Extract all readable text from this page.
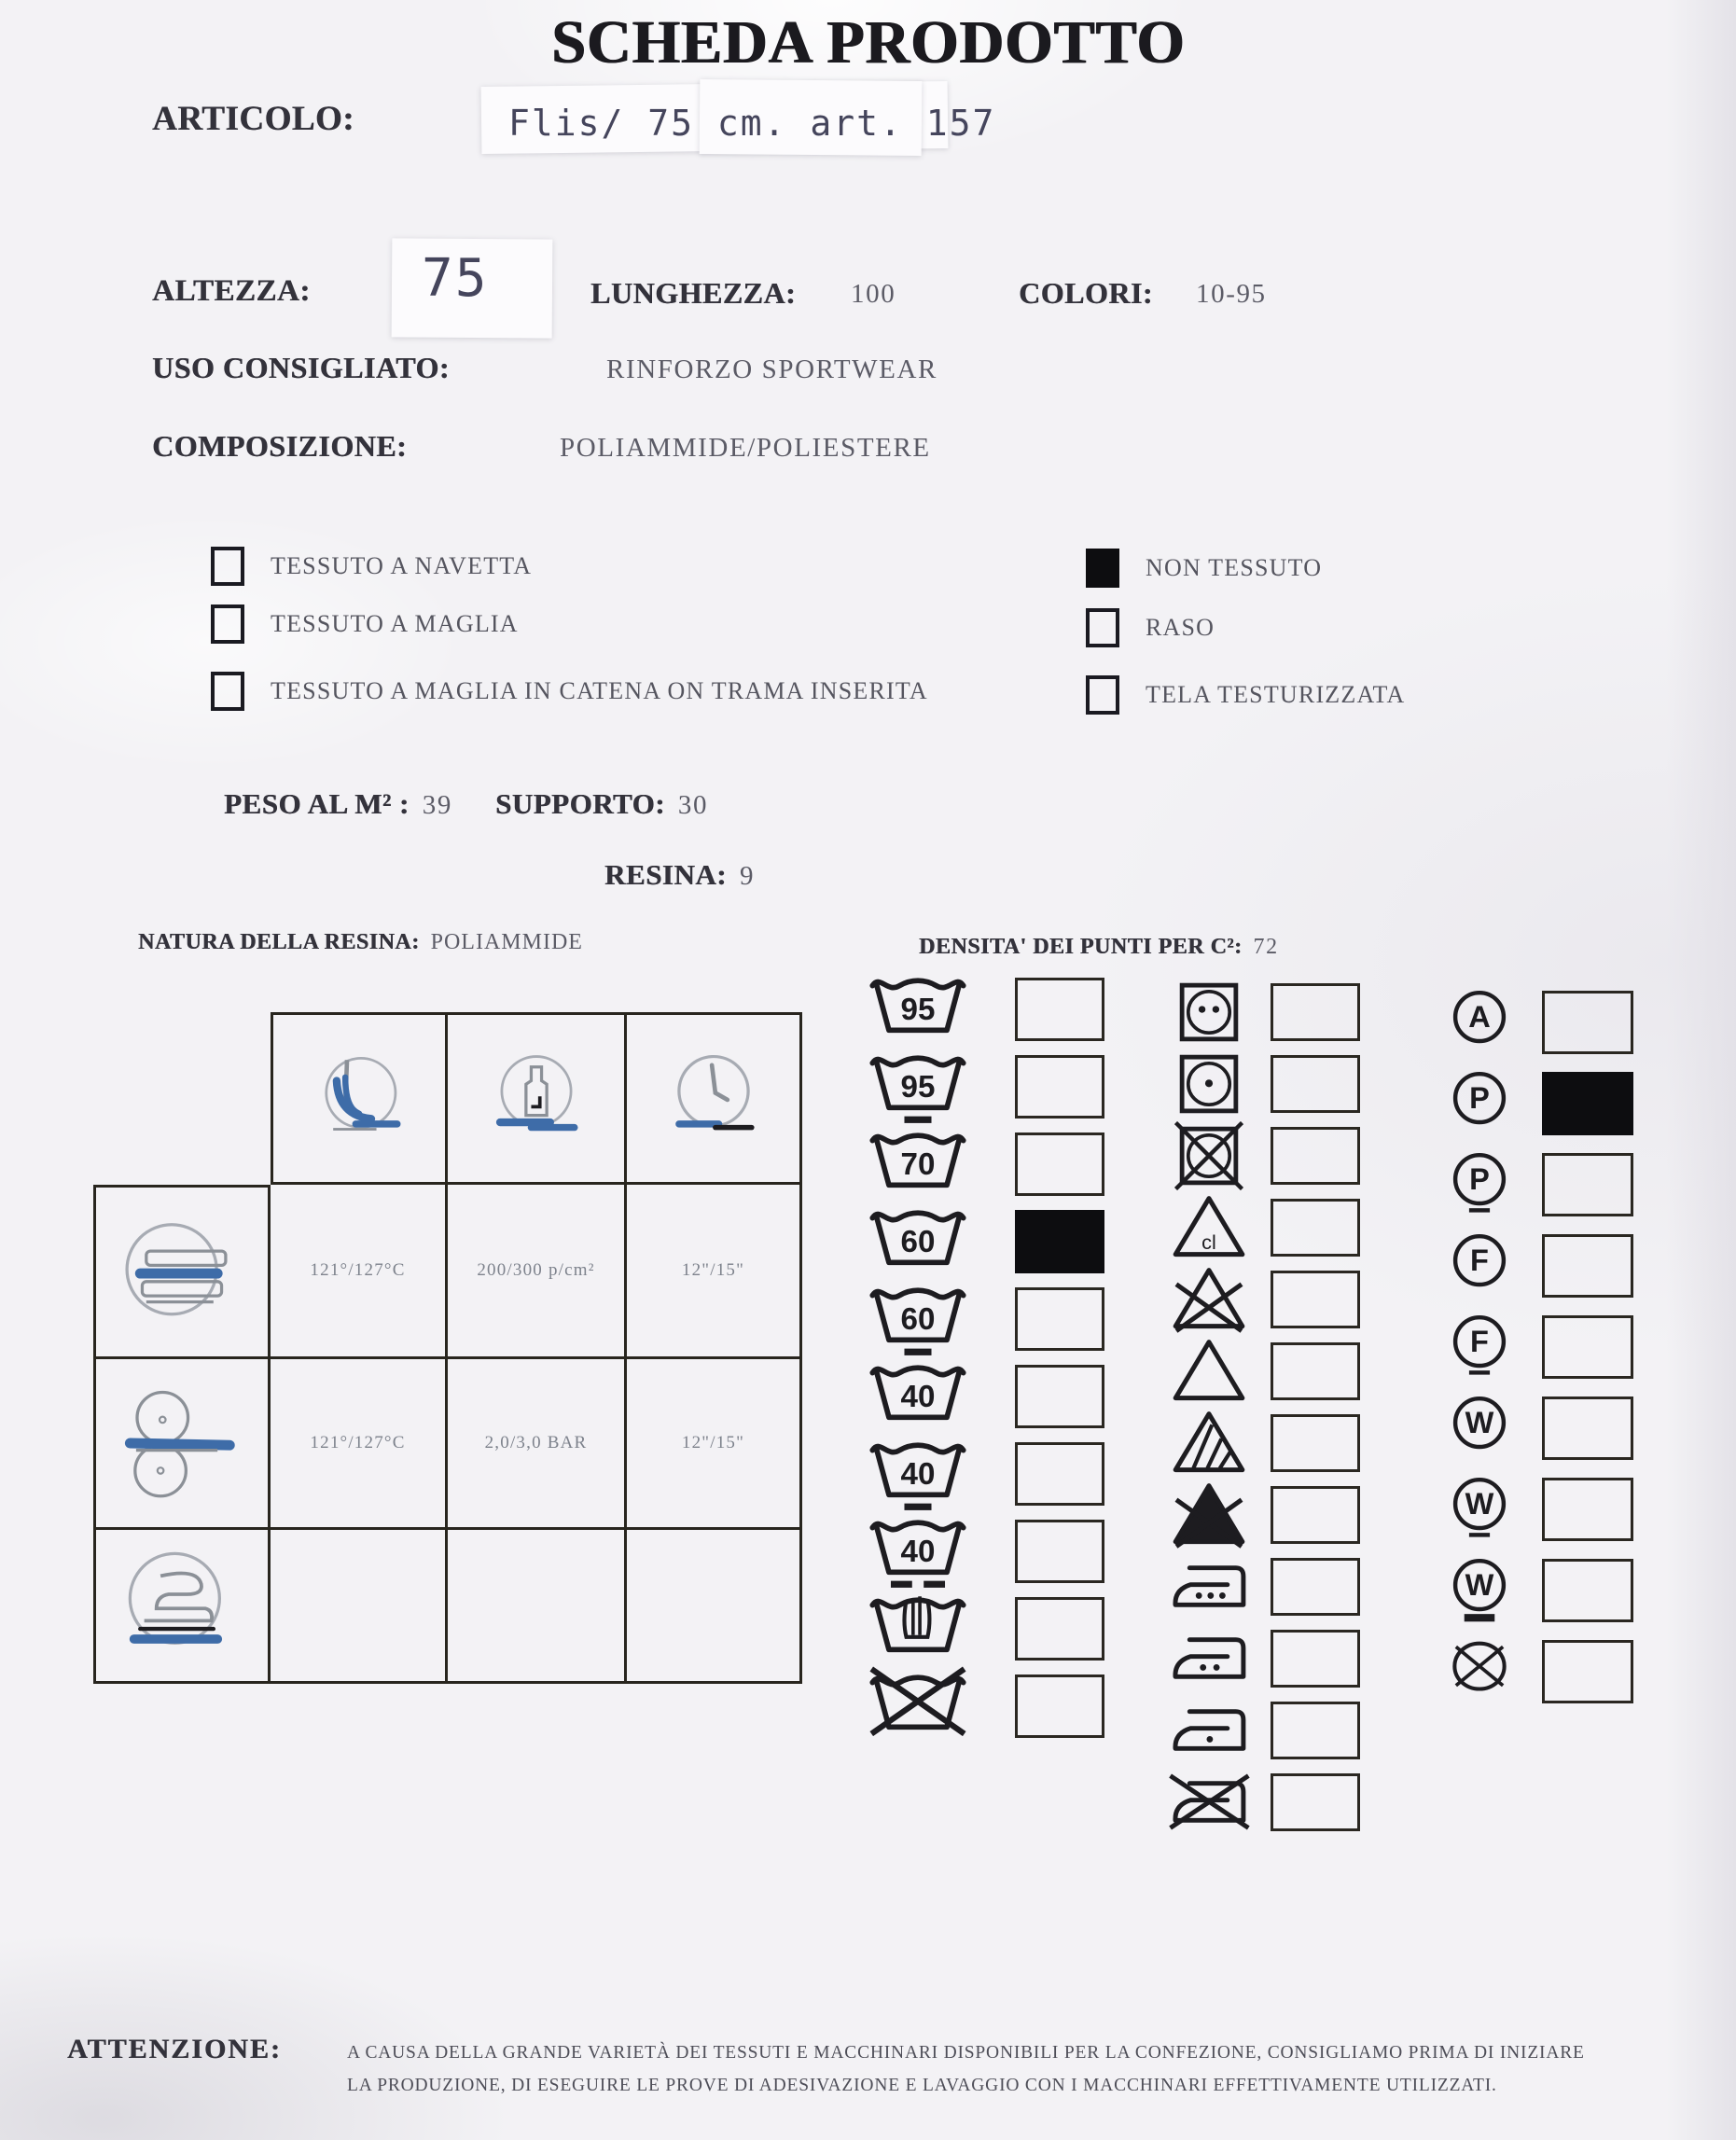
SCHEDA PRODOTTO
ARTICOLO:	Flis/ 75 cm. art. 157
ALTEZZA: 75	LUNGHEZZA: 100	COLORI: 10-95
USO CONSIGLIATO:	RINFORZO SPORTWEAR
COMPOSIZIONE:	POLIAMMIDE/POLIESTERE
TESSUTO A NAVETTA
TESSUTO A MAGLIA
TESSUTO A MAGLIA IN CATENA ON TRAMA INSERITA
NON TESSUTO
RASO
TELA TESTURIZZATA
PESO AL M² : 39 SUPPORTO: 30
RESINA: 9
NATURA DELLA RESINA: POLIAMMIDE	DENSITA' DEI PUNTI PER C²: 72
121°/127°C	200/300 p/cm²	12"/15"
121°/127°C	2,0/3,0 BAR	12"/15"
95
95
70
60
60
40
40
40
cl
A
P
P
F
F
W
W
W
ATTENZIONE:	A CAUSA DELLA GRANDE VARIETÀ DEI TESSUTI E MACCHINARI DISPONIBILI PER LA CONFEZIONE, CONSIGLIAMO PRIMA DI INIZIARE
LA PRODUZIONE, DI ESEGUIRE LE PROVE DI ADESIVAZIONE E LAVAGGIO CON I MACCHINARI EFFETTIVAMENTE UTILIZZATI.
